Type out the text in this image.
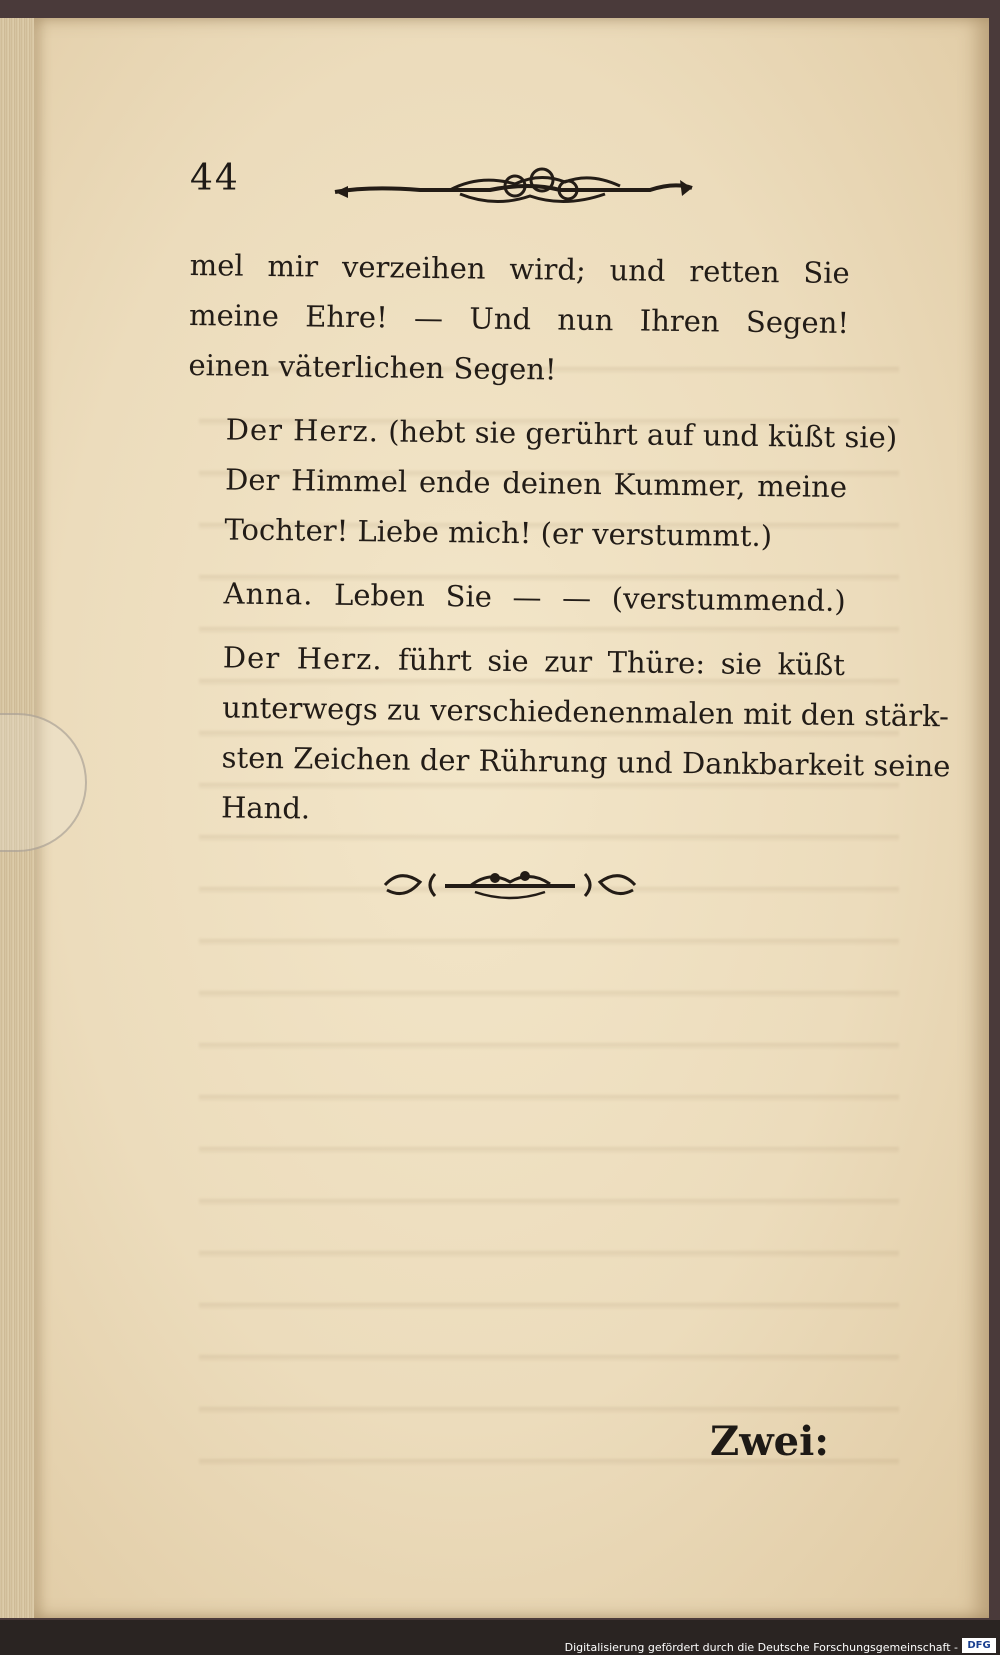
44

mel mir verzeihen wird; und retten Sie
meine Ehre! — Und nun Ihren Segen!
einen väterlichen Segen!

Der Herz. (hebt sie gerührt auf und küßt sie)
Der Himmel ende deinen Kummer, meine
Tochter! Liebe mich! (er verstummt.)

Anna. Leben Sie — — (verstummend.)

Der Herz. führt sie zur Thüre: sie küßt
unterwegs zu verschiedenenmalen mit den stärk-
sten Zeichen der Rührung und Dankbarkeit seine
Hand.

Zwei:
Digitalisierung gefördert durch die Deutsche Forschungsgemeinschaft - DFG
